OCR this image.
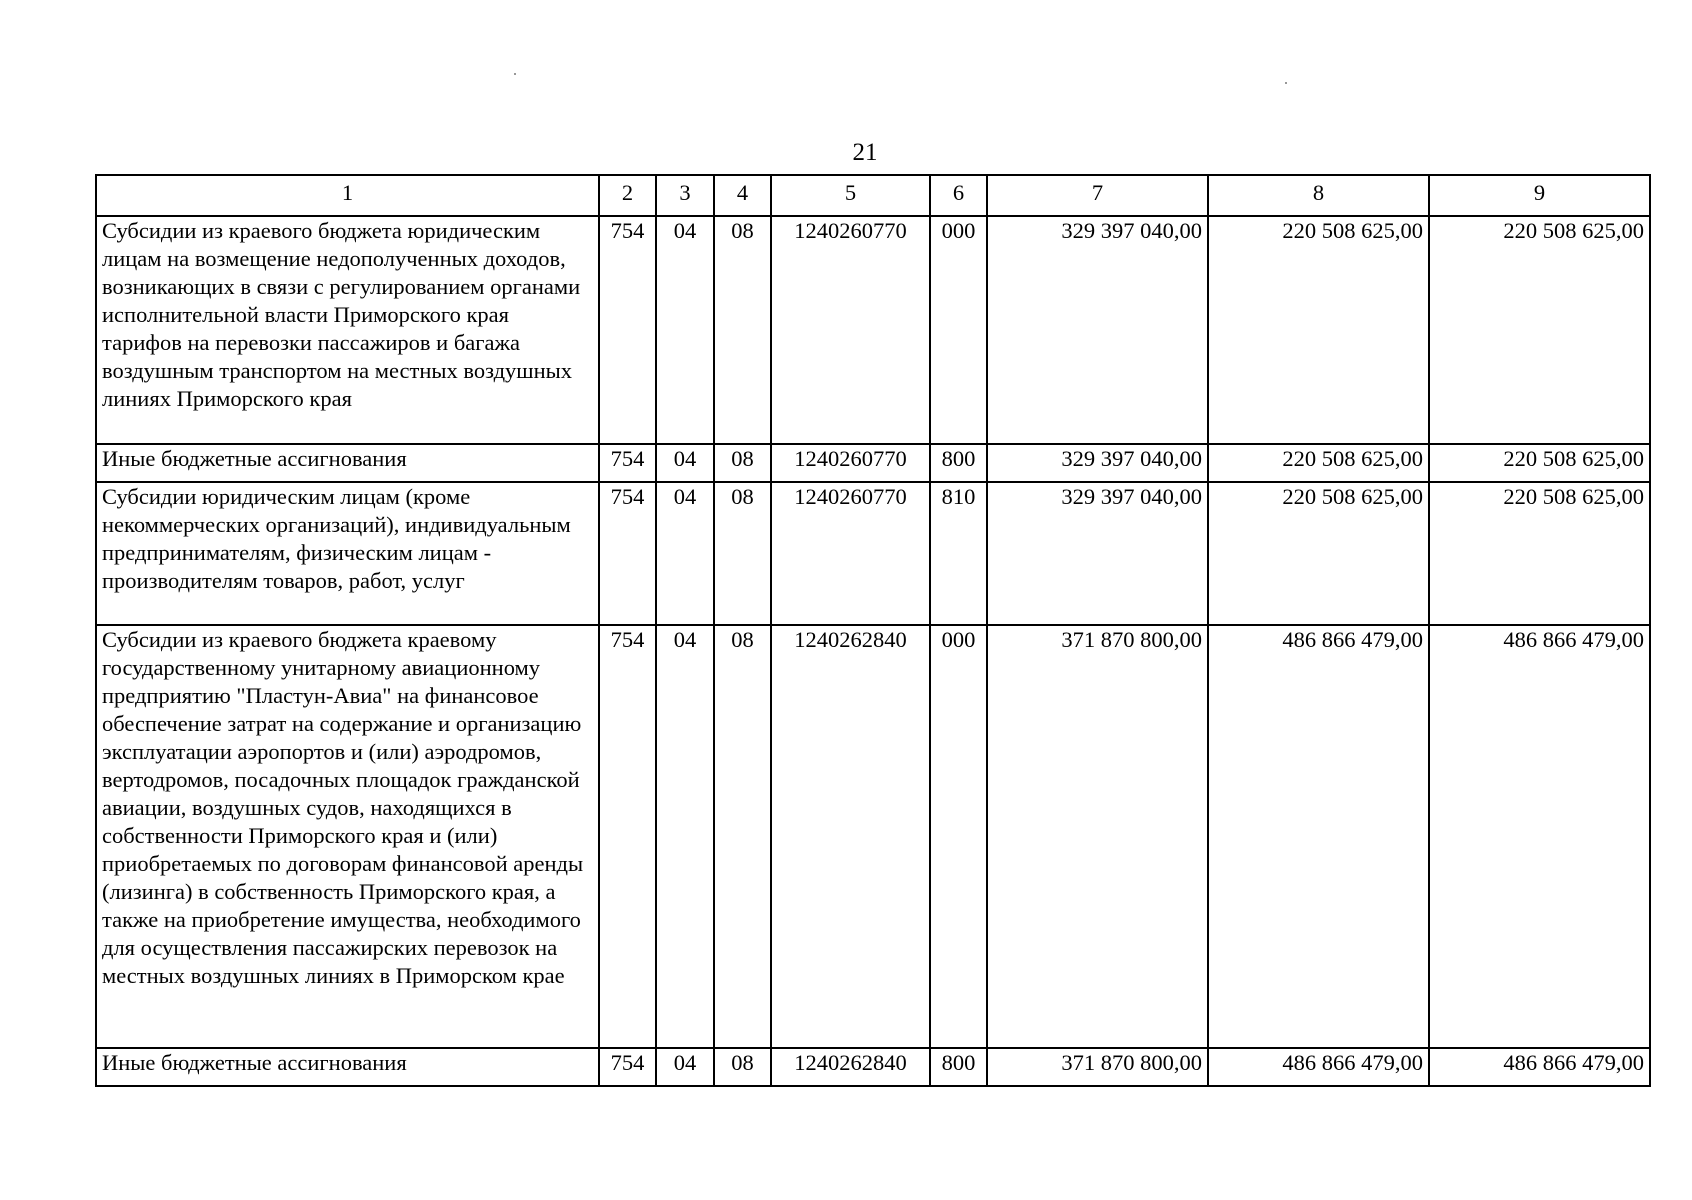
21
1	2	3	4	5	6	7	8	9
Субсидии из краевого бюджета юридическим лицам на возмещение недополученных доходов, возникающих в связи с регулированием органами исполнительной власти Приморского края тарифов на перевозки пассажиров и багажа воздушным транспортом на местных воздушных линиях Приморского края	754	04	08	1240260770	000	329 397 040,00	220 508 625,00	220 508 625,00
Иные бюджетные ассигнования	754	04	08	1240260770	800	329 397 040,00	220 508 625,00	220 508 625,00
Субсидии юридическим лицам (кроме некоммерческих организаций), индивидуальным предпринимателям, физическим лицам - производителям товаров, работ, услуг	754	04	08	1240260770	810	329 397 040,00	220 508 625,00	220 508 625,00
Субсидии из краевого бюджета краевому государственному унитарному авиационному предприятию "Пластун-Авиа" на финансовое обеспечение затрат на содержание и организацию эксплуатации аэропортов и (или) аэродромов, вертодромов, посадочных площадок гражданской авиации, воздушных судов, находящихся в собственности Приморского края и (или) приобретаемых по договорам финансовой аренды (лизинга) в собственность Приморского края, а также на приобретение имущества, необходимого для осуществления пассажирских перевозок на местных воздушных линиях в Приморском крае	754	04	08	1240262840	000	371 870 800,00	486 866 479,00	486 866 479,00
Иные бюджетные ассигнования	754	04	08	1240262840	800	371 870 800,00	486 866 479,00	486 866 479,00
